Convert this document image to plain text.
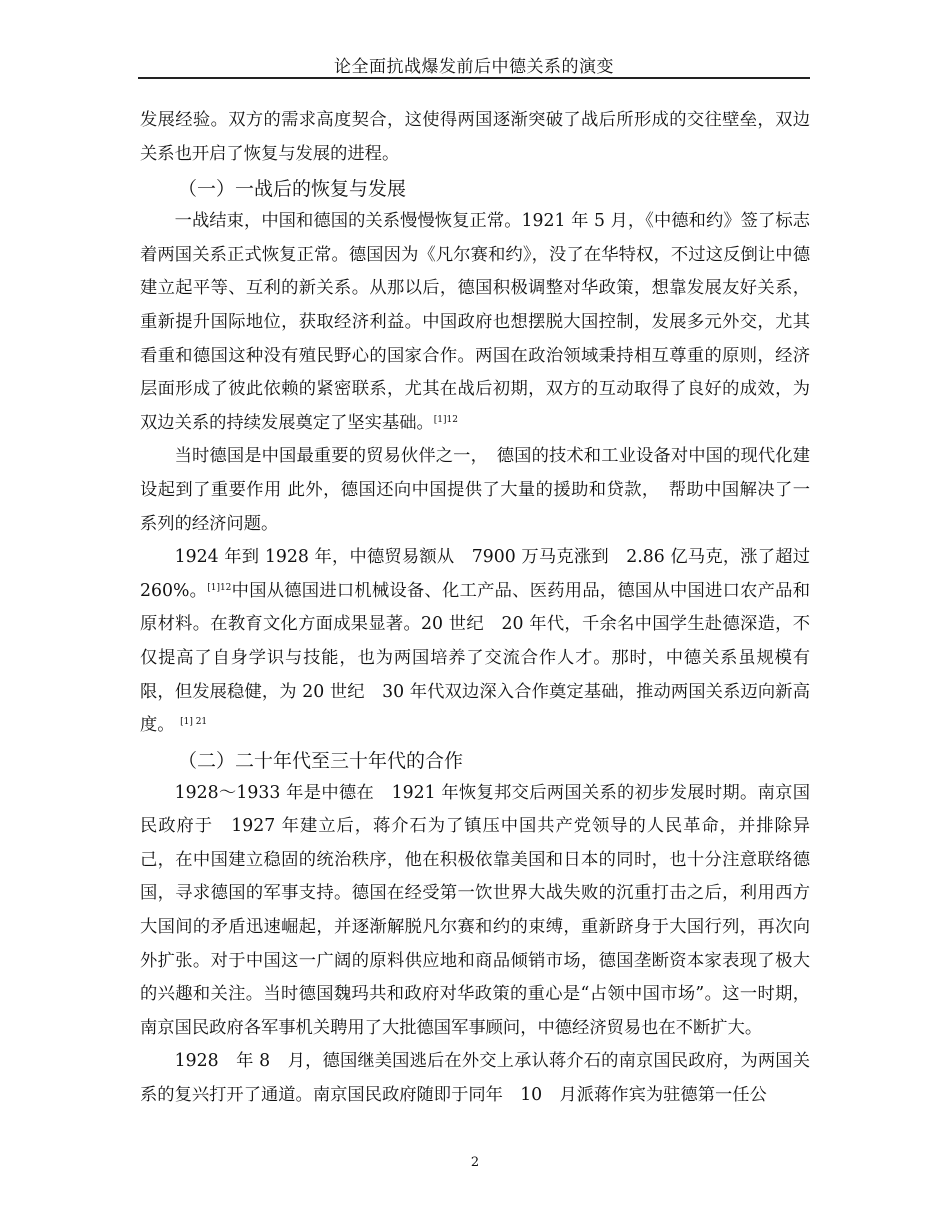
论全面抗战爆发前后中德关系的演变

发展经验。双方的需求高度契合，这使得两国逐渐突破了战后所形成的交往壁垒，双边关系也开启了恢复与发展的进程。

（一）一战后的恢复与发展

一战结束，中国和德国的关系慢慢恢复正常。1921 年 5 月，《中德和约》签了标志着两国关系正式恢复正常。德国因为《凡尔赛和约》，没了在华特权，不过这反倒让中德建立起平等、互利的新关系。从那以后，德国积极调整对华政策，想靠发展友好关系，重新提升国际地位，获取经济利益。中国政府也想摆脱大国控制，发展多元外交，尤其看重和德国这种没有殖民野心的国家合作。两国在政治领域秉持相互尊重的原则，经济层面形成了彼此依赖的紧密联系，尤其在战后初期，双方的互动取得了良好的成效，为双边关系的持续发展奠定了坚实基础。$^{[1]12}$

当时德国是中国最重要的贸易伙伴之一，　德国的技术和工业设备对中国的现代化建设起到了重要作用 此外，德国还向中国提供了大量的援助和贷款，　帮助中国解决了一系列的经济问题。

1924 年到 1928 年，中德贸易额从　7900 万马克涨到　2.86 亿马克，涨了超过 260%。$^{[1]12}$中国从德国进口机械设备、化工产品、医药用品，德国从中国进口农产品和原材料。在教育文化方面成果显著。20 世纪　20 年代，千余名中国学生赴德深造，不仅提高了自身学识与技能，也为两国培养了交流合作人才。那时，中德关系虽规模有限，但发展稳健，为 20 世纪　30 年代双边深入合作奠定基础，推动两国关系迈向新高度。 $^{[1] 21}$

（二）二十年代至三十年代的合作

1928～1933 年是中德在　1921 年恢复邦交后两国关系的初步发展时期。南京国民政府于　1927 年建立后，蒋介石为了镇压中国共产党领导的人民革命，并排除异己，在中国建立稳固的统治秩序，他在积极依靠美国和日本的同时，也十分注意联络德国，寻求德国的军事支持。德国在经受第一饮世界大战失败的沉重打击之后，利用西方大国间的矛盾迅速崛起，并逐渐解脱凡尔赛和约的束缚，重新跻身于大国行列，再次向外扩张。对于中国这一广阔的原料供应地和商品倾销市场，德国垄断资本家表现了极大的兴趣和关注。当时德国魏玛共和政府对华政策的重心是“占领中国市场”。这一时期，南京国民政府各军事机关聘用了大批德国军事顾问，中德经济贸易也在不断扩大。

1928　年 8　月，德国继美国逃后在外交上承认蒋介石的南京国民政府，为两国关系的复兴打开了通道。南京国民政府随即于同年　10　月派蒋作宾为驻德第一任公

2
